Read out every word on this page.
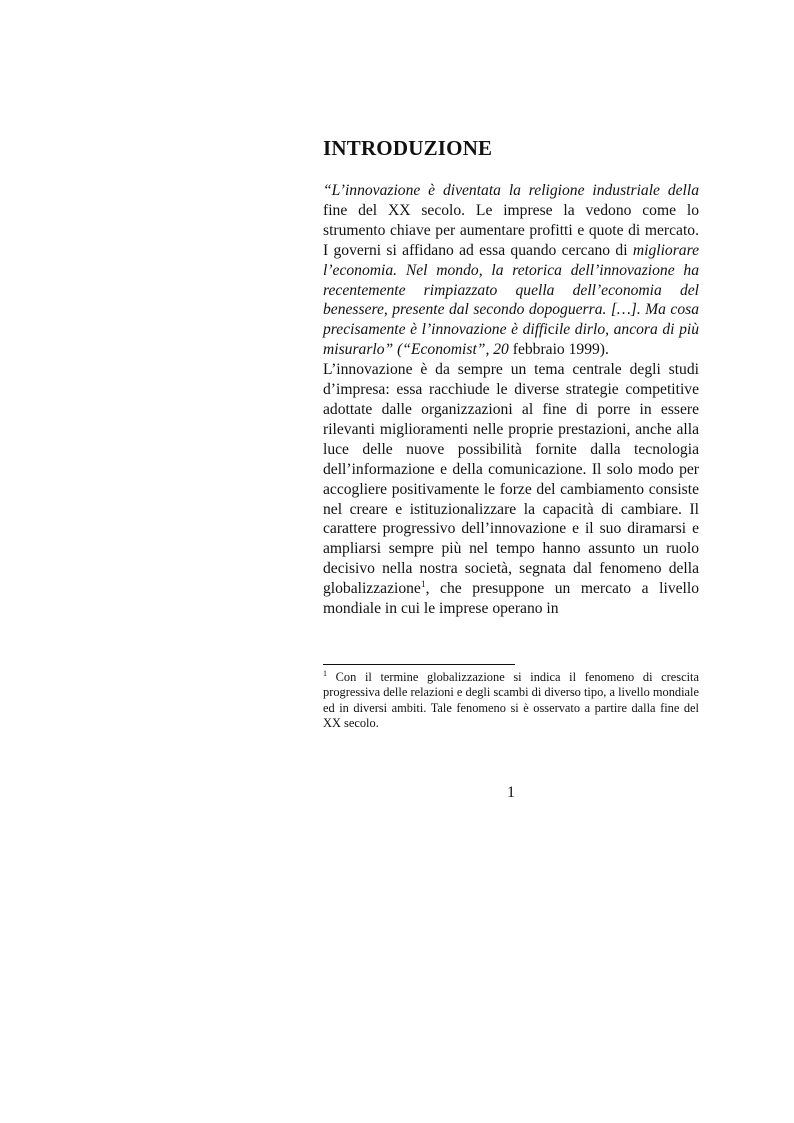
INTRODUZIONE

“L’innovazione è diventata la religione industriale della fine del XX secolo. Le imprese la vedono come lo strumento chiave per aumentare profitti e quote di mercato. I governi si affidano ad essa quando cercano di migliorare l’economia. Nel mondo, la retorica dell’innovazione ha recentemente rimpiazzato quella dell’economia del benessere, presente dal secondo dopoguerra. […]. Ma cosa precisamente è l’innovazione è difficile dirlo, ancora di più misurarlo” (“Economist”, 20 febbraio 1999).

L’innovazione è da sempre un tema centrale degli studi d’impresa: essa racchiude le diverse strategie competitive adottate dalle organizzazioni al fine di porre in essere rilevanti miglioramenti nelle proprie prestazioni, anche alla luce delle nuove possibilità fornite dalla tecnologia dell’informazione e della comunicazione. Il solo modo per accogliere positivamente le forze del cambiamento consiste nel creare e istituzionalizzare la capacità di cambiare. Il carattere progressivo dell’innovazione e il suo diramarsi e ampliarsi sempre più nel tempo hanno assunto un ruolo decisivo nella nostra società, segnata dal fenomeno della globalizzazione$^1$, che presuppone un mercato a livello mondiale in cui le imprese operano in

$^1$ Con il termine globalizzazione si indica il fenomeno di crescita progressiva delle relazioni e degli scambi di diverso tipo, a livello mondiale ed in diversi ambiti. Tale fenomeno si è osservato a partire dalla fine del XX secolo.

1
